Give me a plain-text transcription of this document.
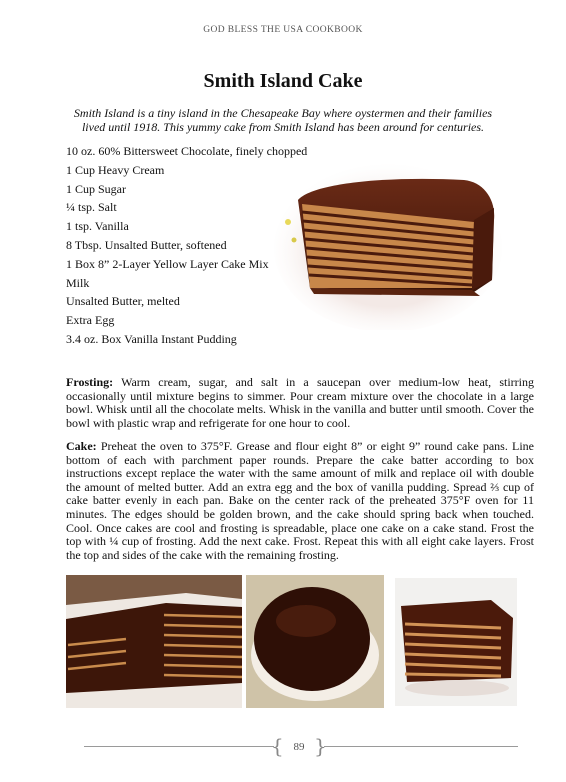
GOD BLESS THE USA COOKBOOK
Smith Island Cake
Smith Island is a tiny island in the Chesapeake Bay where oystermen and their families lived until 1918. This yummy cake from Smith Island has been around for centuries.
10 oz. 60% Bittersweet Chocolate, finely chopped
1 Cup Heavy Cream
1 Cup Sugar
¼ tsp. Salt
1 tsp. Vanilla
8 Tbsp. Unsalted Butter, softened
1 Box 8” 2-Layer Yellow Layer Cake Mix
Milk
Unsalted Butter, melted
Extra Egg
3.4 oz. Box Vanilla Instant Pudding

Frosting: Warm cream, sugar, and salt in a saucepan over medium-low heat, stirring occasionally until mixture begins to simmer. Pour cream mixture over the chocolate in a large bowl. Whisk until all the chocolate melts. Whisk in the vanilla and butter until smooth. Cover the bowl with plastic wrap and refrigerate for one hour to cool.

Cake: Preheat the oven to 375°F. Grease and flour eight 8” or eight 9” round cake pans. Line bottom of each with parchment paper rounds. Prepare the cake batter according to box instructions except replace the water with the same amount of milk and replace oil with double the amount of melted butter. Add an extra egg and the box of vanilla pudding. Spread ⅔ cup of cake batter evenly in each pan. Bake on the center rack of the preheated 375°F oven for 11 minutes. The edges should be golden brown, and the cake should spring back when touched. Cool. Once cakes are cool and frosting is spreadable, place one cake on a cake stand. Frost the top with ¼ cup of frosting. Add the next cake. Frost. Repeat this with all eight cake layers. Frost the top and sides of the cake with the remaining frosting.

{ }
89
